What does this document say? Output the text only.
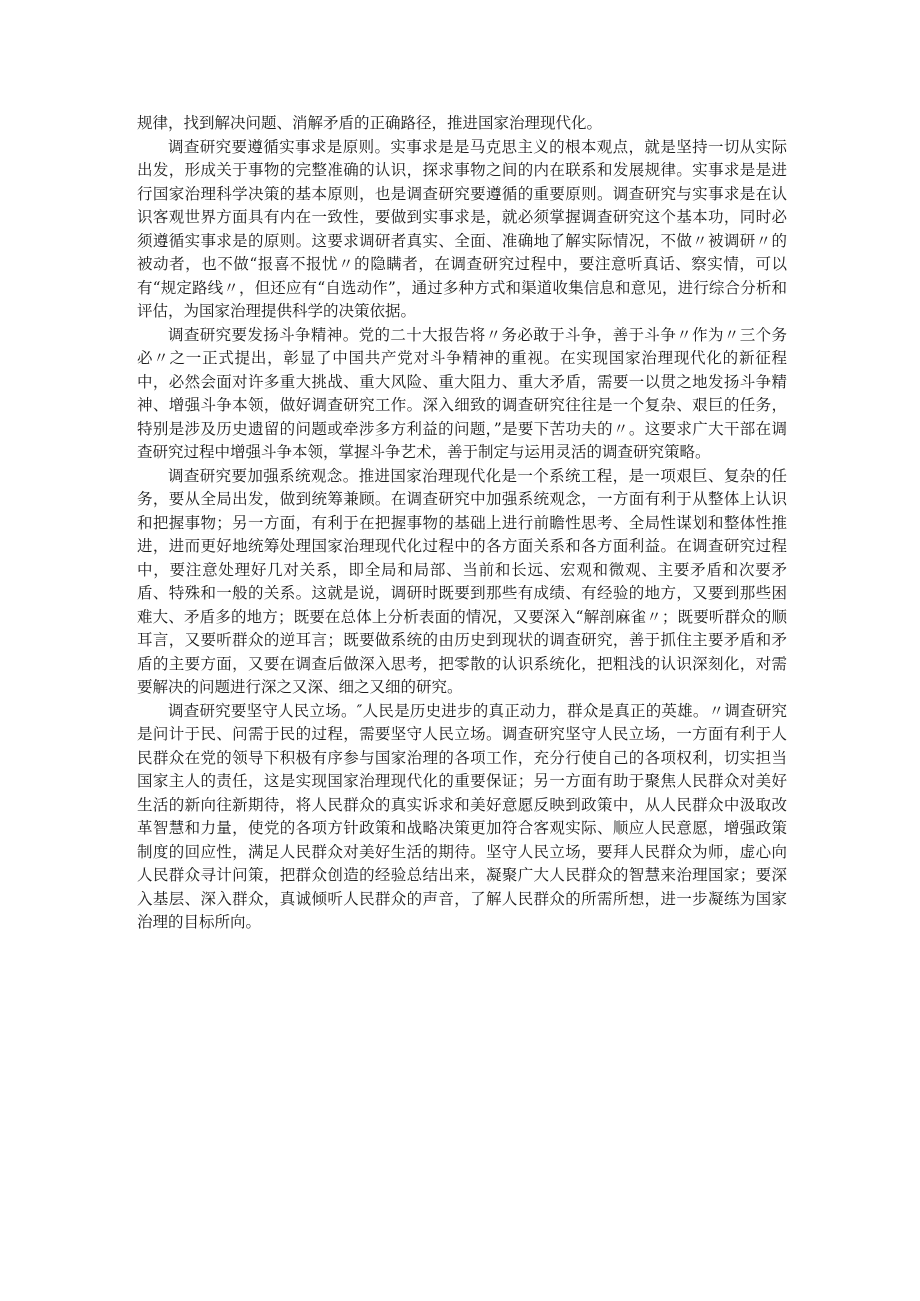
规律，找到解决问题、消解矛盾的正确路径，推进国家治理现代化。

调查研究要遵循实事求是原则。实事求是是马克思主义的根本观点，就是坚持一切从实际出发，形成关于事物的完整准确的认识，探求事物之间的内在联系和发展规律。实事求是是进行国家治理科学决策的基本原则，也是调查研究要遵循的重要原则。调查研究与实事求是在认识客观世界方面具有内在一致性，要做到实事求是，就必须掌握调查研究这个基本功，同时必须遵循实事求是的原则。这要求调研者真实、全面、准确地了解实际情况，不做〃被调研〃的被动者，也不做“报喜不报忧〃的隐瞒者，在调查研究过程中，要注意听真话、察实情，可以有“规定路线〃，但还应有“自选动作”，通过多种方式和渠道收集信息和意见，进行综合分析和评估，为国家治理提供科学的决策依据。

调查研究要发扬斗争精神。党的二十大报告将〃务必敢于斗争，善于斗争〃作为〃三个务必〃之一正式提出，彰显了中国共产党对斗争精神的重视。在实现国家治理现代化的新征程中，必然会面对许多重大挑战、重大风险、重大阻力、重大矛盾，需要一以贯之地发扬斗争精神、增强斗争本领，做好调查研究工作。深入细致的调查研究往往是一个复杂、艰巨的任务，特别是涉及历史遗留的问题或牵涉多方利益的问题，”是要下苦功夫的〃。这要求广大干部在调查研究过程中增强斗争本领，掌握斗争艺术，善于制定与运用灵活的调查研究策略。

调查研究要加强系统观念。推进国家治理现代化是一个系统工程，是一项艰巨、复杂的任务，要从全局出发，做到统筹兼顾。在调查研究中加强系统观念，一方面有利于从整体上认识和把握事物；另一方面，有利于在把握事物的基础上进行前瞻性思考、全局性谋划和整体性推进，进而更好地统筹处理国家治理现代化过程中的各方面关系和各方面利益。在调查研究过程中，要注意处理好几对关系，即全局和局部、当前和长远、宏观和微观、主要矛盾和次要矛盾、特殊和一般的关系。这就是说，调研时既要到那些有成绩、有经验的地方，又要到那些困难大、矛盾多的地方；既要在总体上分析表面的情况，又要深入“解剖麻雀〃；既要听群众的顺耳言，又要听群众的逆耳言；既要做系统的由历史到现状的调查研究，善于抓住主要矛盾和矛盾的主要方面，又要在调查后做深入思考，把零散的认识系统化，把粗浅的认识深刻化，对需要解决的问题进行深之又深、细之又细的研究。

调查研究要坚守人民立场。″人民是历史进步的真正动力，群众是真正的英雄。〃调查研究是问计于民、问需于民的过程，需要坚守人民立场。调查研究坚守人民立场，一方面有利于人民群众在党的领导下积极有序参与国家治理的各项工作，充分行使自己的各项权利，切实担当国家主人的责任，这是实现国家治理现代化的重要保证；另一方面有助于聚焦人民群众对美好生活的新向往新期待，将人民群众的真实诉求和美好意愿反映到政策中，从人民群众中汲取改革智慧和力量，使党的各项方针政策和战略决策更加符合客观实际、顺应人民意愿，增强政策制度的回应性，满足人民群众对美好生活的期待。坚守人民立场，要拜人民群众为师，虚心向人民群众寻计问策，把群众创造的经验总结出来，凝聚广大人民群众的智慧来治理国家；要深入基层、深入群众，真诚倾听人民群众的声音，了解人民群众的所需所想，进一步凝练为国家治理的目标所向。
